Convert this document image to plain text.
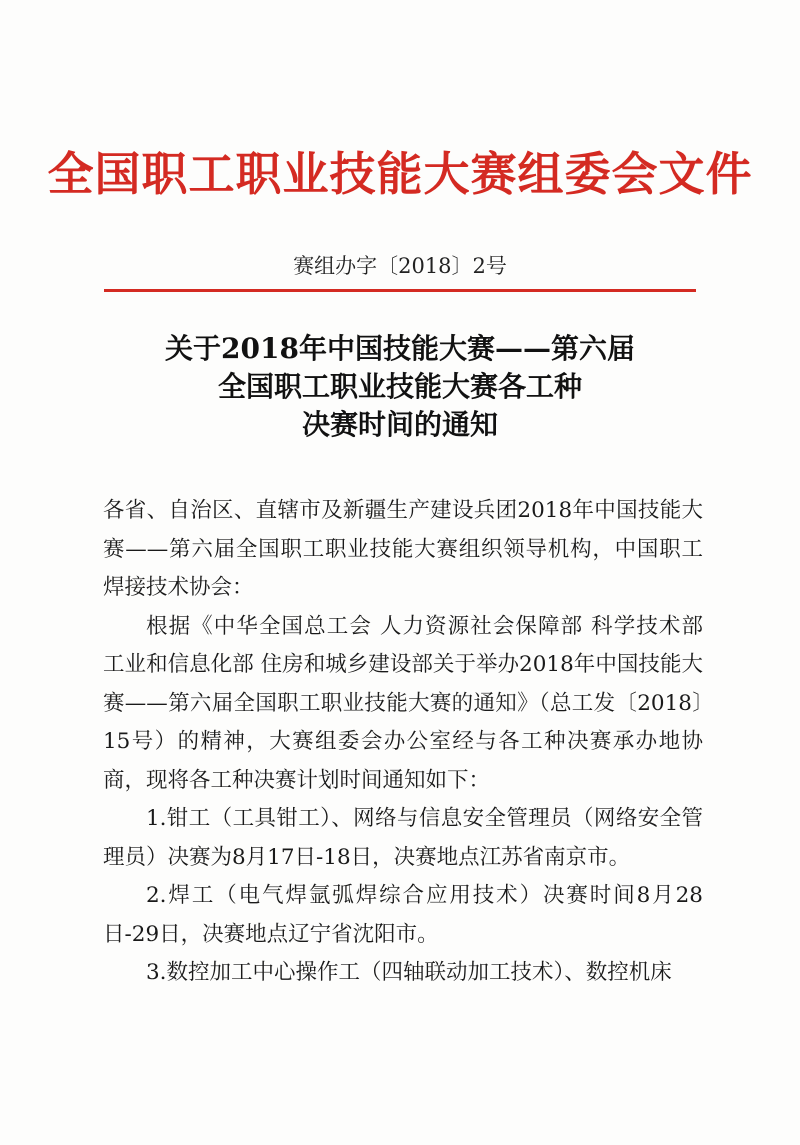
全国职工职业技能大赛组委会文件
赛组办字〔2018〕2号
关于2018年中国技能大赛——第六届
全国职工职业技能大赛各工种
决赛时间的通知

各省、自治区、直辖市及新疆生产建设兵团2018年中国技能大赛——第六届全国职工职业技能大赛组织领导机构，中国职工焊接技术协会：

根据《中华全国总工会 人力资源社会保障部 科学技术部 工业和信息化部 住房和城乡建设部关于举办2018年中国技能大赛——第六届全国职工职业技能大赛的通知》（总工发〔2018〕15号）的精神，大赛组委会办公室经与各工种决赛承办地协商，现将各工种决赛计划时间通知如下：

1.钳工（工具钳工）、网络与信息安全管理员（网络安全管理员）决赛为8月17日-18日，决赛地点江苏省南京市。

2.焊工（电气焊氩弧焊综合应用技术）决赛时间8月28日-29日，决赛地点辽宁省沈阳市。

3.数控加工中心操作工（四轴联动加工技术）、数控机床
